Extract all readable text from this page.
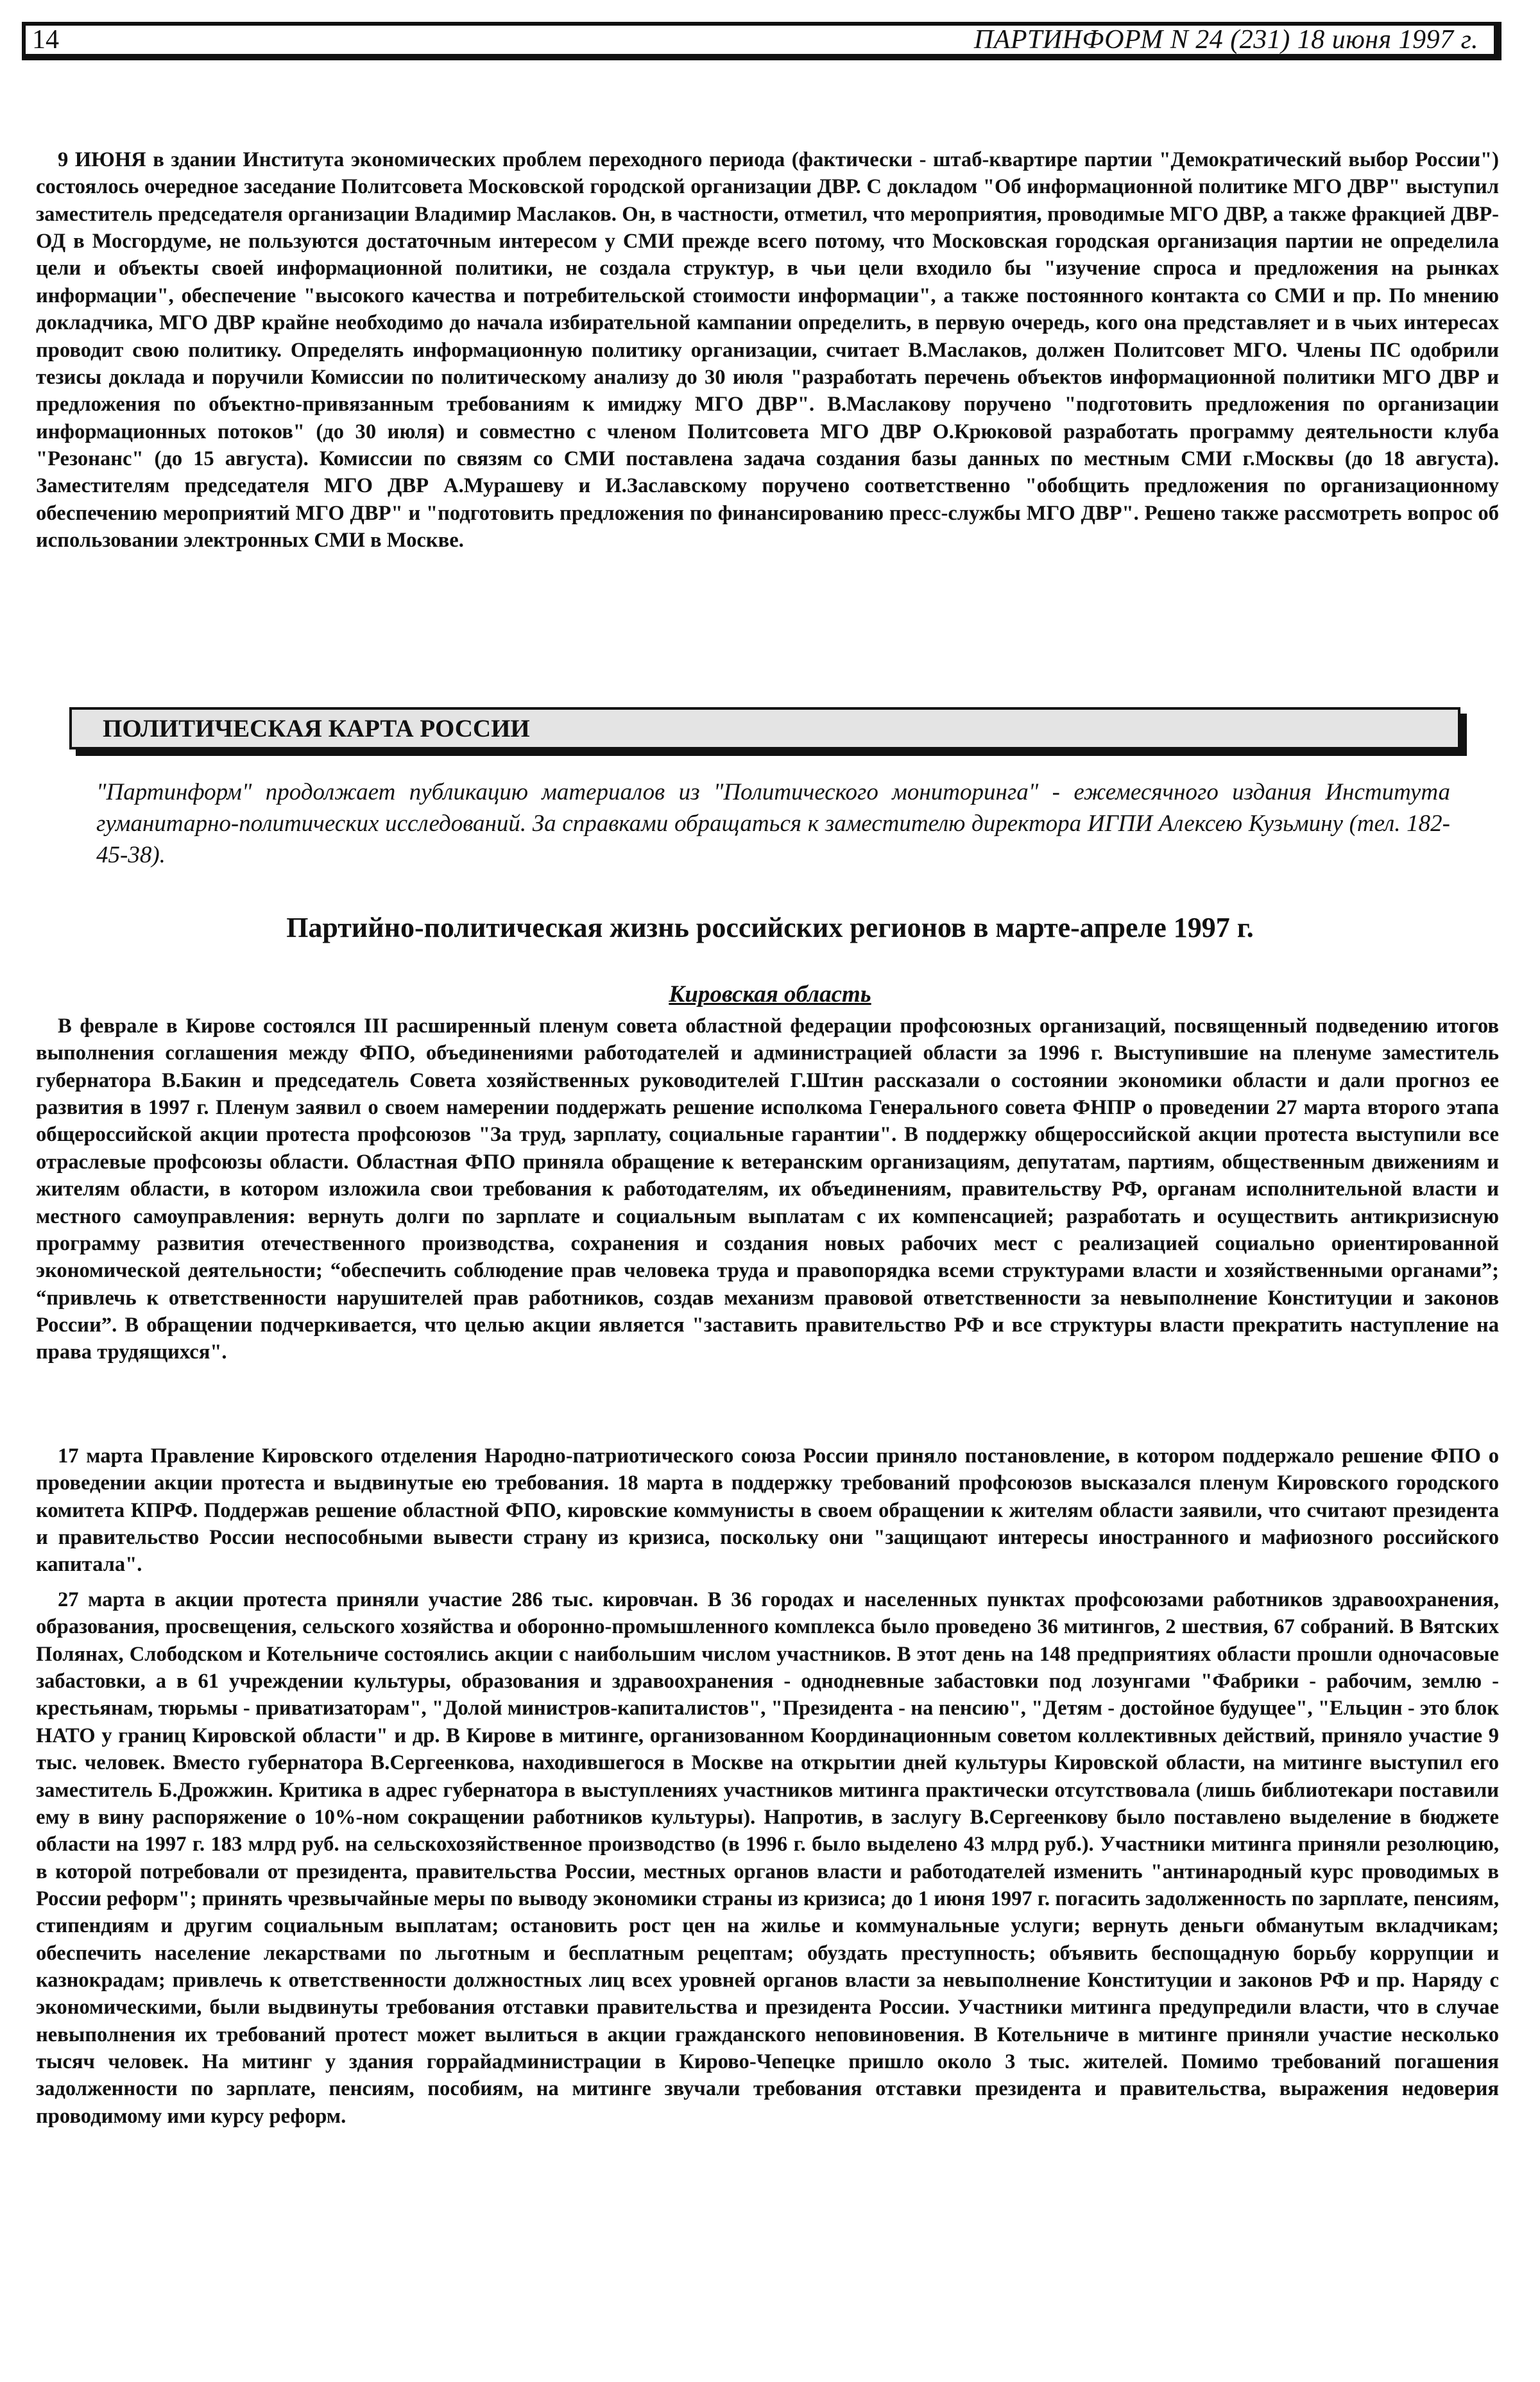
14	ПАРТИНФОРМ N 24 (231) 18 июня 1997 г.

9 ИЮНЯ в здании Института экономических проблем переходного периода (фактически - штаб-квартире партии "Демократический выбор России") состоялось очередное заседание Политсовета Московской городской организации ДВР. С докладом "Об информационной политике МГО ДВР" выступил заместитель председателя организации Владимир Маслаков. Он, в частности, отметил, что мероприятия, проводимые МГО ДВР, а также фракцией ДВР-ОД в Мосгордуме, не пользуются достаточным интересом у СМИ прежде всего потому, что Московская городская организация партии не определила цели и объекты своей информационной политики, не создала структур, в чьи цели входило бы "изучение спроса и предложения на рынках информации", обеспечение "высокого качества и потребительской стоимости информации", а также постоянного контакта со СМИ и пр. По мнению докладчика, МГО ДВР крайне необходимо до начала избирательной кампании определить, в первую очередь, кого она представляет и в чьих интересах проводит свою политику. Определять информационную политику организации, считает В.Маслаков, должен Политсовет МГО. Члены ПС одобрили тезисы доклада и поручили Комиссии по политическому анализу до 30 июля "разработать перечень объектов информационной политики МГО ДВР и предложения по объектно-привязанным требованиям к имиджу МГО ДВР". В.Маслакову поручено "подготовить предложения по организации информационных потоков" (до 30 июля) и совместно с членом Политсовета МГО ДВР О.Крюковой разработать программу деятельности клуба "Резонанс" (до 15 августа). Комиссии по связям со СМИ поставлена задача создания базы данных по местным СМИ г.Москвы (до 18 августа). Заместителям председателя МГО ДВР А.Мурашеву и И.Заславскому поручено соответственно "обобщить предложения по организационному обеспечению мероприятий МГО ДВР" и "подготовить предложения по финансированию пресс-службы МГО ДВР". Решено также рассмотреть вопрос об использовании электронных СМИ в Москве.

ПОЛИТИЧЕСКАЯ КАРТА РОССИИ

"Партинформ" продолжает публикацию материалов из "Политического мониторинга" - ежемесячного издания Института гуманитарно-политических исследований. За справками обращаться к заместителю директора ИГПИ Алексею Кузьмину (тел. 182-45-38).

Партийно-политическая жизнь российских регионов в марте-апреле 1997 г.
Кировская область

В феврале в Кирове состоялся III расширенный пленум совета областной федерации профсоюзных организаций, посвященный подведению итогов выполнения соглашения между ФПО, объединениями работодателей и администрацией области за 1996 г. Выступившие на пленуме заместитель губернатора В.Бакин и председатель Совета хозяйственных руководителей Г.Штин рассказали о состоянии экономики области и дали прогноз ее развития в 1997 г. Пленум заявил о своем намерении поддержать решение исполкома Генерального совета ФНПР о проведении 27 марта второго этапа общероссийской акции протеста профсоюзов "За труд, зарплату, социальные гарантии". В поддержку общероссийской акции протеста выступили все отраслевые профсоюзы области. Областная ФПО приняла обращение к ветеранским организациям, депутатам, партиям, общественным движениям и жителям области, в котором изложила свои требования к работодателям, их объединениям, правительству РФ, органам исполнительной власти и местного самоуправления: вернуть долги по зарплате и социальным выплатам с их компенсацией; разработать и осуществить антикризисную программу развития отечественного производства, сохранения и создания новых рабочих мест с реализацией социально ориентированной экономической деятельности; “обеспечить соблюдение прав человека труда и правопорядка всеми структурами власти и хозяйственными органами”; “привлечь к ответственности нарушителей прав работников, создав механизм правовой ответственности за невыполнение Конституции и законов России”. В обращении подчеркивается, что целью акции является "заставить правительство РФ и все структуры власти прекратить наступление на права трудящихся".

17 марта Правление Кировского отделения Народно-патриотического союза России приняло постановление, в котором поддержало решение ФПО о проведении акции протеста и выдвинутые ею требования. 18 марта в поддержку требований профсоюзов высказался пленум Кировского городского комитета КПРФ. Поддержав решение областной ФПО, кировские коммунисты в своем обращении к жителям области заявили, что считают президента и правительство России неспособными вывести страну из кризиса, поскольку они "защищают интересы иностранного и мафиозного российского капитала".

27 марта в акции протеста приняли участие 286 тыс. кировчан. В 36 городах и населенных пунктах профсоюзами работников здравоохранения, образования, просвещения, сельского хозяйства и оборонно-промышленного комплекса было проведено 36 митингов, 2 шествия, 67 собраний. В Вятских Полянах, Слободском и Котельничe состоялись акции с наибольшим числом участников. В этот день на 148 предприятиях области прошли одночасовые забастовки, а в 61 учреждении культуры, образования и здравоохранения - однодневные забастовки под лозунгами "Фабрики - рабочим, землю - крестьянам, тюрьмы - приватизаторам", "Долой министров-капиталистов", "Президента - на пенсию", "Детям - достойное будущее", "Ельцин - это блок НАТО у границ Кировской области" и др. В Кирове в митинге, организованном Координационным советом коллективных действий, приняло участие 9 тыс. человек. Вместо губернатора В.Сергеенкова, находившегося в Москве на открытии дней культуры Кировской области, на митинге выступил его заместитель Б.Дрожжин. Критика в адрес губернатора в выступлениях участников митинга практически отсутствовала (лишь библиотекари поставили ему в вину распоряжение о 10%-ном сокращении работников культуры). Напротив, в заслугу В.Сергеенкову было поставлено выделение в бюджете области на 1997 г. 183 млрд руб. на сельскохозяйственное производство (в 1996 г. было выделено 43 млрд руб.). Участники митинга приняли резолюцию, в которой потребовали от президента, правительства России, местных органов власти и работодателей изменить "антинародный курс проводимых в России реформ"; принять чрезвычайные меры по выводу экономики страны из кризиса; до 1 июня 1997 г. погасить задолженность по зарплате, пенсиям, стипендиям и другим социальным выплатам; остановить рост цен на жилье и коммунальные услуги; вернуть деньги обманутым вкладчикам; обеспечить население лекарствами по льготным и бесплатным рецептам; обуздать преступность; объявить беспощадную борьбу коррупции и казнокрадам; привлечь к ответственности должностных лиц всех уровней органов власти за невыполнение Конституции и законов РФ и пр. Наряду с экономическими, были выдвинуты требования отставки правительства и президента России. Участники митинга предупредили власти, что в случае невыполнения их требований протест может вылиться в акции гражданского неповиновения. В Котельничe в митинге приняли участие несколько тысяч человек. На митинг у здания горрайадминистрации в Кирово-Чепецке пришло около 3 тыс. жителей. Помимо требований погашения задолженности по зарплате, пенсиям, пособиям, на митинге звучали требования отставки президента и правительства, выражения недоверия проводимому ими курсу реформ.
